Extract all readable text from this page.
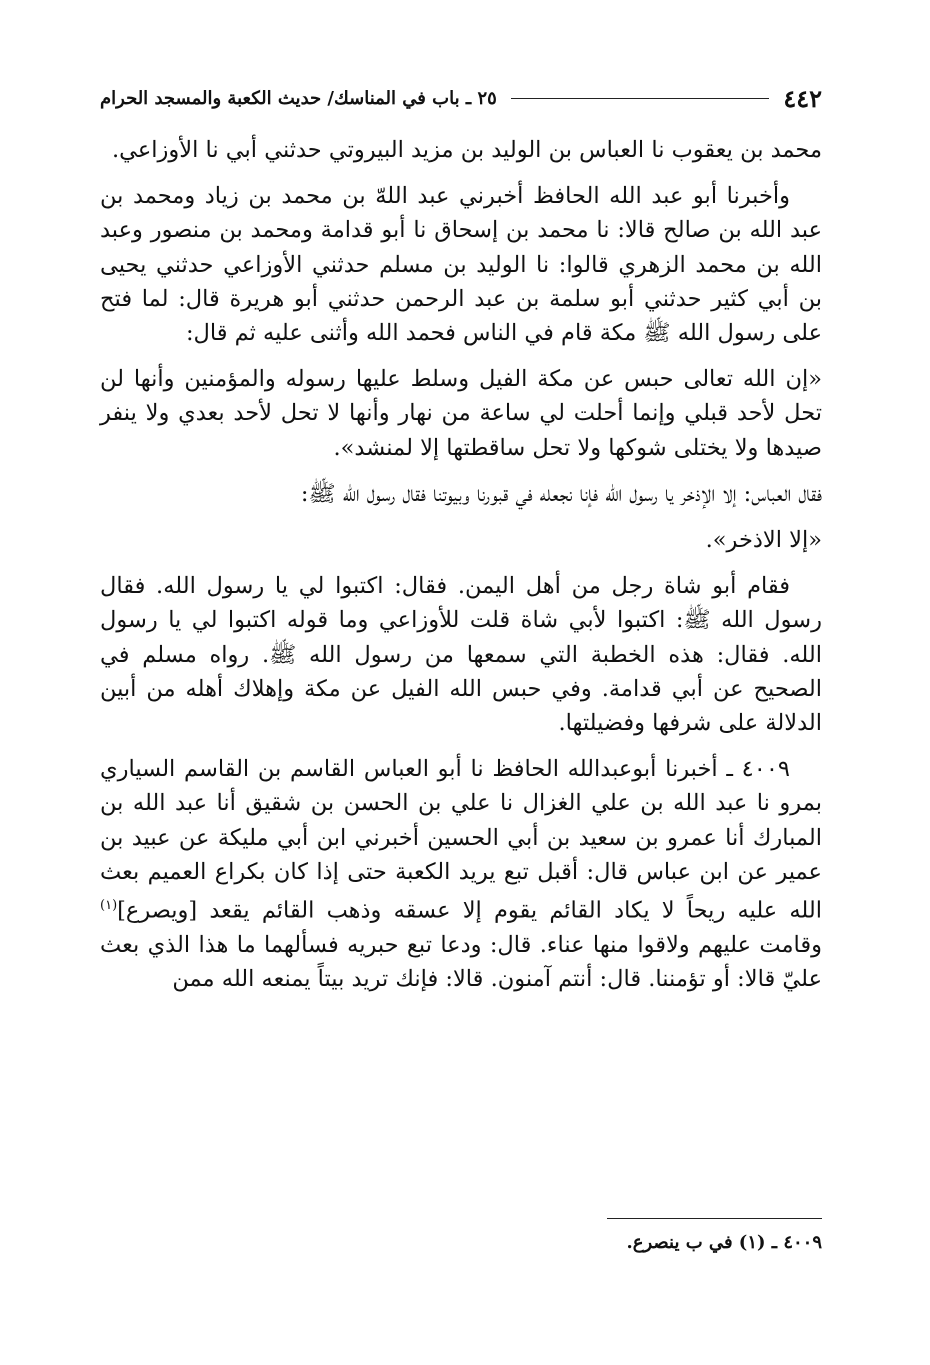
٤٤٢
٢٥ ـ باب في المناسك/ حديث الكعبة والمسجد الحرام

محمد بن يعقوب نا العباس بن الوليد بن مزيد البيروتي حدثني أبي نا الأوزاعي.

وأخبرنا أبو عبد الله الحافظ أخبرني عبد اللهّ بن محمد بن زياد ومحمد بن عبد الله بن صالح قالا: نا محمد بن إسحاق نا أبو قدامة ومحمد بن منصور وعبد الله بن محمد الزهري قالوا: نا الوليد بن مسلم حدثني الأوزاعي حدثني يحيى بن أبي كثير حدثني أبو سلمة بن عبد الرحمن حدثني أبو هريرة قال: لما فتح على رسول الله ﷺ مكة قام في الناس فحمد الله وأثنى عليه ثم قال:

«إن الله تعالى حبس عن مكة الفيل وسلط عليها رسوله والمؤمنين وأنها لن تحل لأحد قبلي وإنما أحلت لي ساعة من نهار وأنها لا تحل لأحد بعدي ولا ينفر صيدها ولا يختلى شوكها ولا تحل ساقطتها إلا لمنشد».

فقال العباس: إلا الإذخر يا رسول الله فإنا نجعله في قبورنا وبيوتنا فقال رسول الله ﷺ:

«إلا الاذخر».

فقام أبو شاة رجل من أهل اليمن. فقال: اكتبوا لي يا رسول الله. فقال رسول الله ﷺ: اكتبوا لأبي شاة قلت للأوزاعي وما قوله اكتبوا لي يا رسول الله. فقال: هذه الخطبة التي سمعها من رسول الله ﷺ. رواه مسلم في الصحيح عن أبي قدامة. وفي حبس الله الفيل عن مكة وإهلاك أهله من أبين الدلالة على شرفها وفضيلتها.

٤٠٠٩ ـ أخبرنا أبوعبدالله الحافظ نا أبو العباس القاسم بن القاسم السياري بمرو نا عبد الله بن علي الغزال نا علي بن الحسن بن شقيق أنا عبد الله بن المبارك أنا عمرو بن سعيد بن أبي الحسين أخبرني ابن أبي مليكة عن عبيد بن عمير عن ابن عباس قال: أقبل تبع يريد الكعبة حتى إذا كان بكراع العميم بعث الله عليه ريحاً لا يكاد القائم يقوم إلا عسقه وذهب القائم يقعد [ويصرع]$^{(١)}$ وقامت عليهم ولاقوا منها عناء. قال: ودعا تبع حبريه فسألهما ما هذا الذي بعث عليّ قالا: أو تؤمننا. قال: أنتم آمنون. قالا: فإنك تريد بيتاً يمنعه الله ممن

٤٠٠٩ ـ (١) في ب ينصرع.
